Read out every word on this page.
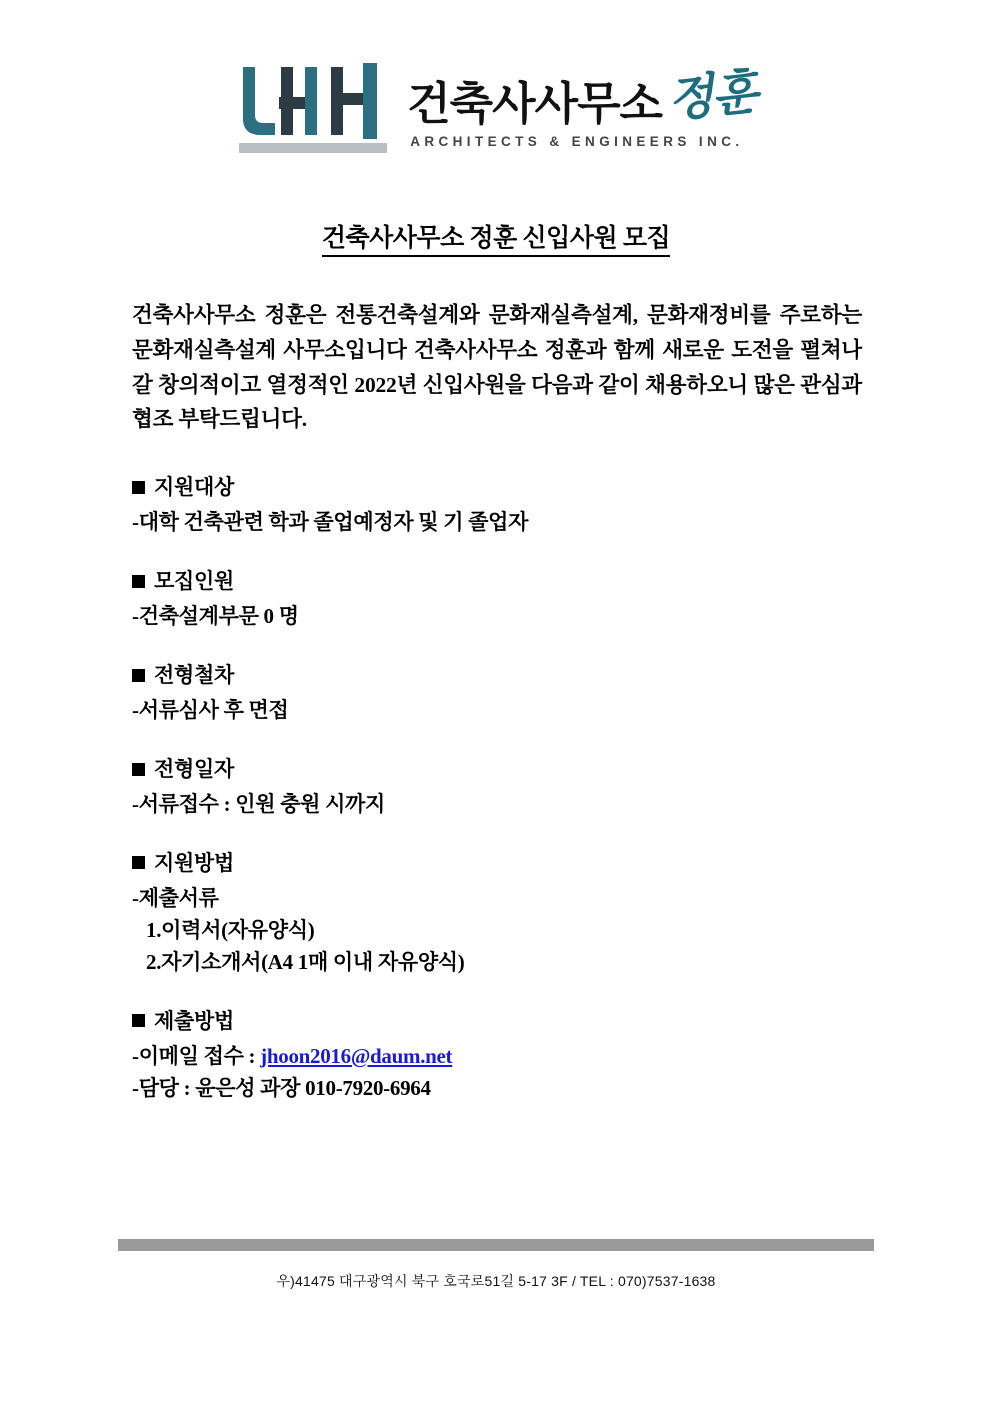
건축사사무소 정훈
ARCHITECTS & ENGINEERS INC.
건축사사무소 정훈 신입사원 모집

건축사사무소 정훈은 전통건축설계와 문화재실측설계, 문화재정비를 주로하는문화재실측설계 사무소입니다 건축사사무소 정훈과 함께 새로운 도전을 펼쳐나갈 창의적이고 열정적인 2022년 신입사원을 다음과 같이 채용하오니 많은 관심과 협조 부탁드립니다.

지원대상
-대학 건축관련 학과 졸업예정자 및 기 졸업자
모집인원
-건축설계부문 0 명
전형철차
-서류심사 후 면접
전형일자
-서류접수 : 인원 충원 시까지
지원방법
-제출서류
1.이력서(자유양식)
2.자기소개서(A4 1매 이내 자유양식)
제출방법
-이메일 접수 : jhoon2016@daum.net
-담당 : 윤은성 과장 010-7920-6964
우)41475 대구광역시 북구 호국로51길 5-17 3F / TEL : 070)7537-1638
